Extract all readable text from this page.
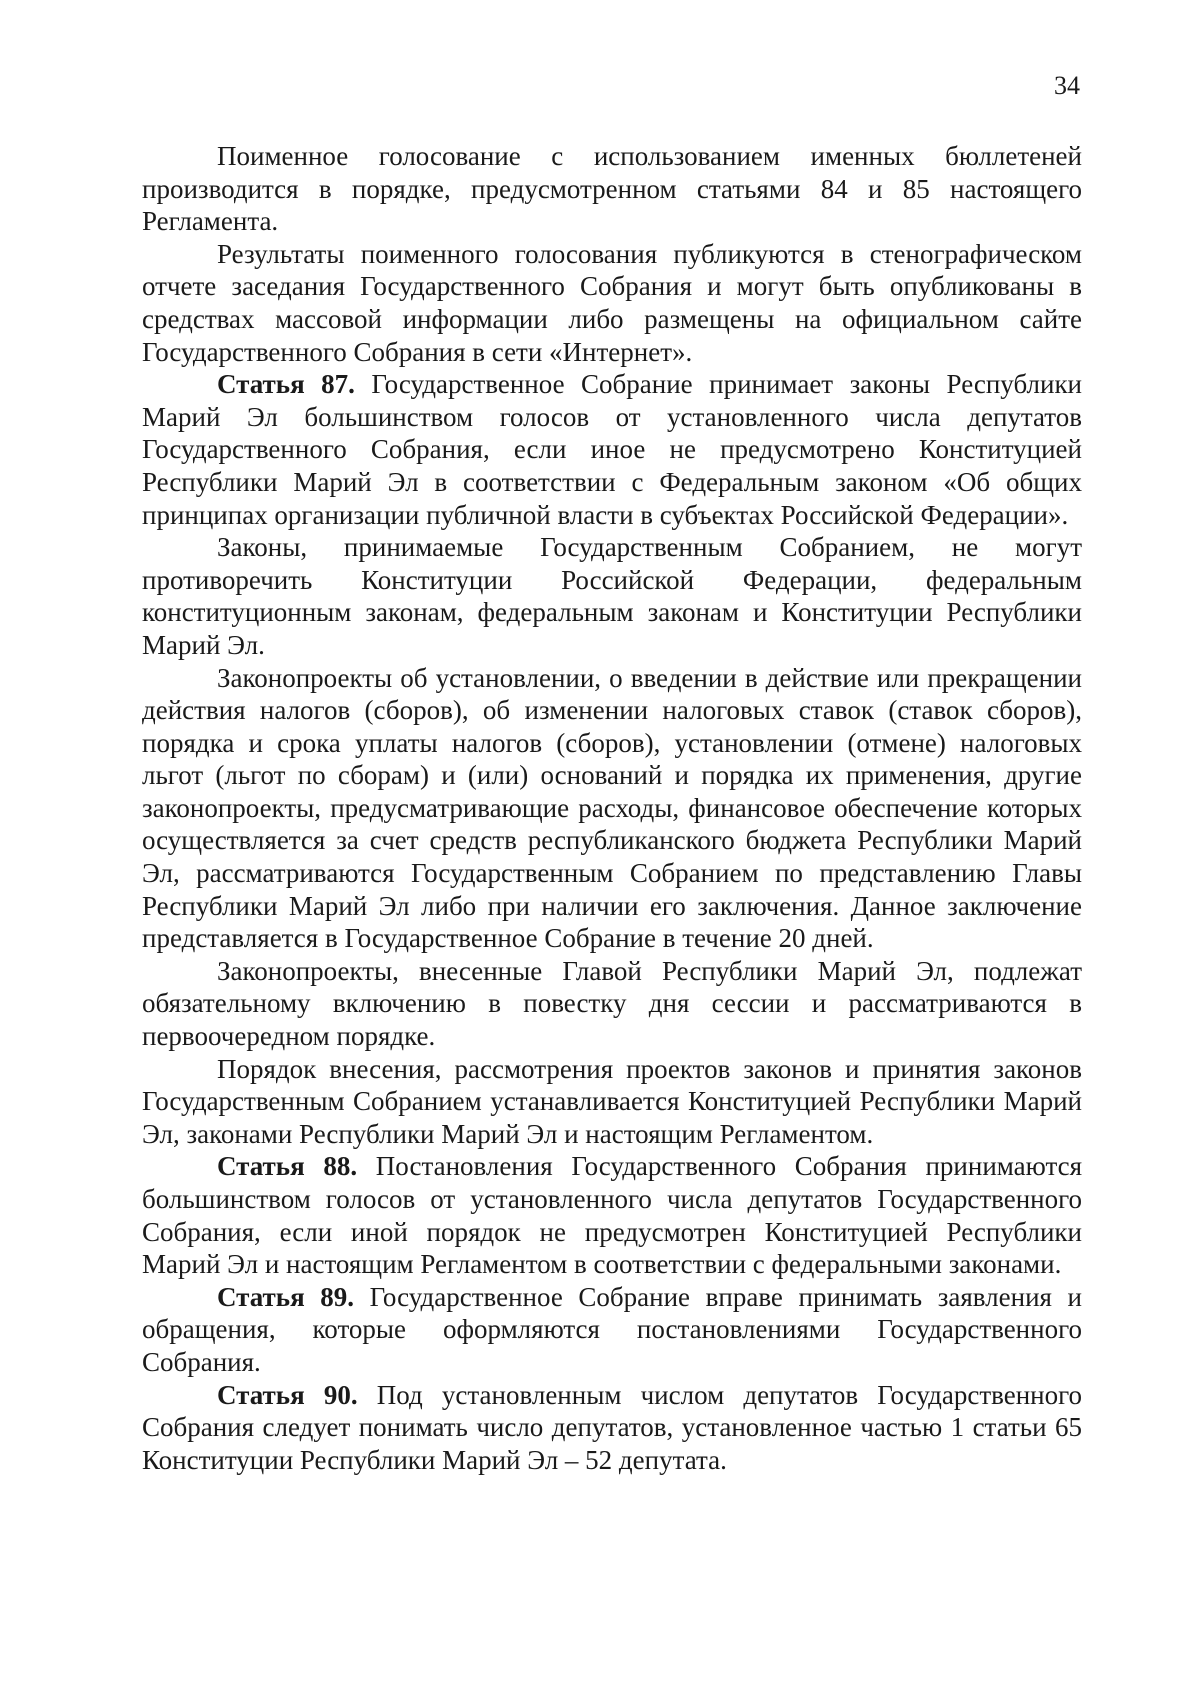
34

Поименное голосование с использованием именных бюллетеней производится в порядке, предусмотренном статьями 84 и 85 настоящего Регламента.

Результаты поименного голосования публикуются в стенографическом отчете заседания Государственного Собрания и могут быть опубликованы в средствах массовой информации либо размещены на официальном сайте Государственного Собрания в сети «Интернет».

Статья 87. Государственное Собрание принимает законы Республики Марий Эл большинством голосов от установленного числа депутатов Государственного Собрания, если иное не предусмотрено Конституцией Республики Марий Эл в соответствии с Федеральным законом «Об общих принципах организации публичной власти в субъектах Российской Федерации».

Законы, принимаемые Государственным Собранием, не могут противоречить Конституции Российской Федерации, федеральным конституционным законам, федеральным законам и Конституции Республики Марий Эл.

Законопроекты об установлении, о введении в действие или прекращении действия налогов (сборов), об изменении налоговых ставок (ставок сборов), порядка и срока уплаты налогов (сборов), установлении (отмене) налоговых льгот (льгот по сборам) и (или) оснований и порядка их применения, другие законопроекты, предусматривающие расходы, финансовое обеспечение которых осуществляется за счет средств республиканского бюджета Республики Марий Эл, рассматриваются Государственным Собранием по представлению Главы Республики Марий Эл либо при наличии его заключения. Данное заключение представляется в Государственное Собрание в течение 20 дней.

Законопроекты, внесенные Главой Республики Марий Эл, подлежат обязательному включению в повестку дня сессии и рассматриваются в первоочередном порядке.

Порядок внесения, рассмотрения проектов законов и принятия законов Государственным Собранием устанавливается Конституцией Республики Марий Эл, законами Республики Марий Эл и настоящим Регламентом.

Статья 88. Постановления Государственного Собрания принимаются большинством голосов от установленного числа депутатов Государственного Собрания, если иной порядок не предусмотрен Конституцией Республики Марий Эл и настоящим Регламентом в соответствии с федеральными законами.

Статья 89. Государственное Собрание вправе принимать заявления и обращения, которые оформляются постановлениями Государственного Собрания.

Статья 90. Под установленным числом депутатов Государственного Собрания следует понимать число депутатов, установленное частью 1 статьи 65 Конституции Республики Марий Эл – 52 депутата.
